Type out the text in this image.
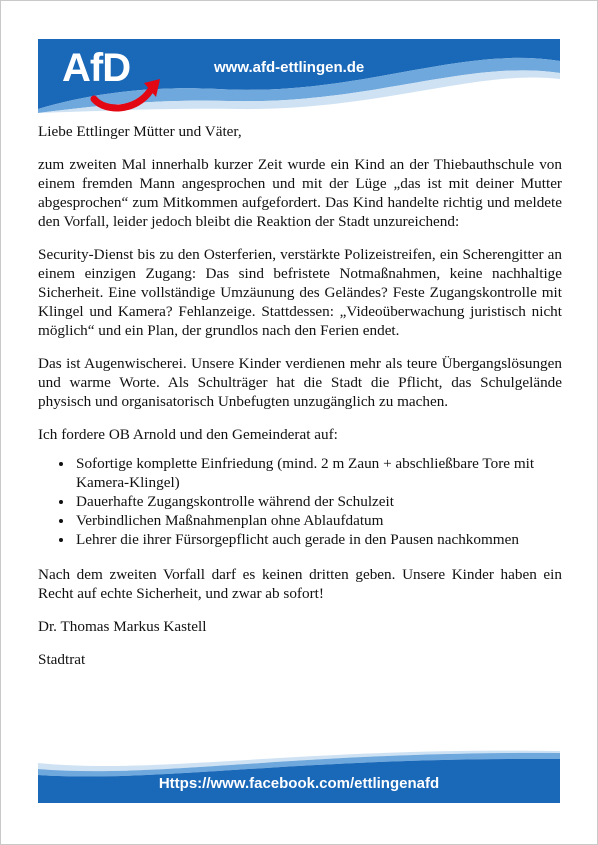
AfD	www.afd-ettlingen.de

Liebe Ettlinger Mütter und Väter,

zum zweiten Mal innerhalb kurzer Zeit wurde ein Kind an der Thiebauthschule von einem fremden Mann angesprochen und mit der Lüge „das ist mit deiner Mutter abgesprochen“ zum Mitkommen aufgefordert. Das Kind handelte richtig und meldete den Vorfall, leider jedoch bleibt die Reaktion der Stadt unzureichend:

Security-Dienst bis zu den Osterferien, verstärkte Polizeistreifen, ein Scherengitter an einem einzigen Zugang: Das sind befristete Notmaßnahmen, keine nachhaltige Sicherheit. Eine vollständige Umzäunung des Geländes? Feste Zugangskontrolle mit Klingel und Kamera? Fehlanzeige. Stattdessen: „Videoüberwachung juristisch nicht möglich“ und ein Plan, der grundlos nach den Ferien endet.

Das ist Augenwischerei. Unsere Kinder verdienen mehr als teure Übergangslösungen und warme Worte. Als Schulträger hat die Stadt die Pflicht, das Schulgelände physisch und organisatorisch Unbefugten unzugänglich zu machen.

Ich fordere OB Arnold und den Gemeinderat auf:

• Sofortige komplette Einfriedung (mind. 2 m Zaun + abschließbare Tore mit Kamera-Klingel)
• Dauerhafte Zugangskontrolle während der Schulzeit
• Verbindlichen Maßnahmenplan ohne Ablaufdatum
• Lehrer die ihrer Fürsorgepflicht auch gerade in den Pausen nachkommen

Nach dem zweiten Vorfall darf es keinen dritten geben. Unsere Kinder haben ein Recht auf echte Sicherheit, und zwar ab sofort!

Dr. Thomas Markus Kastell

Stadtrat

Https://www.facebook.com/ettlingenafd
